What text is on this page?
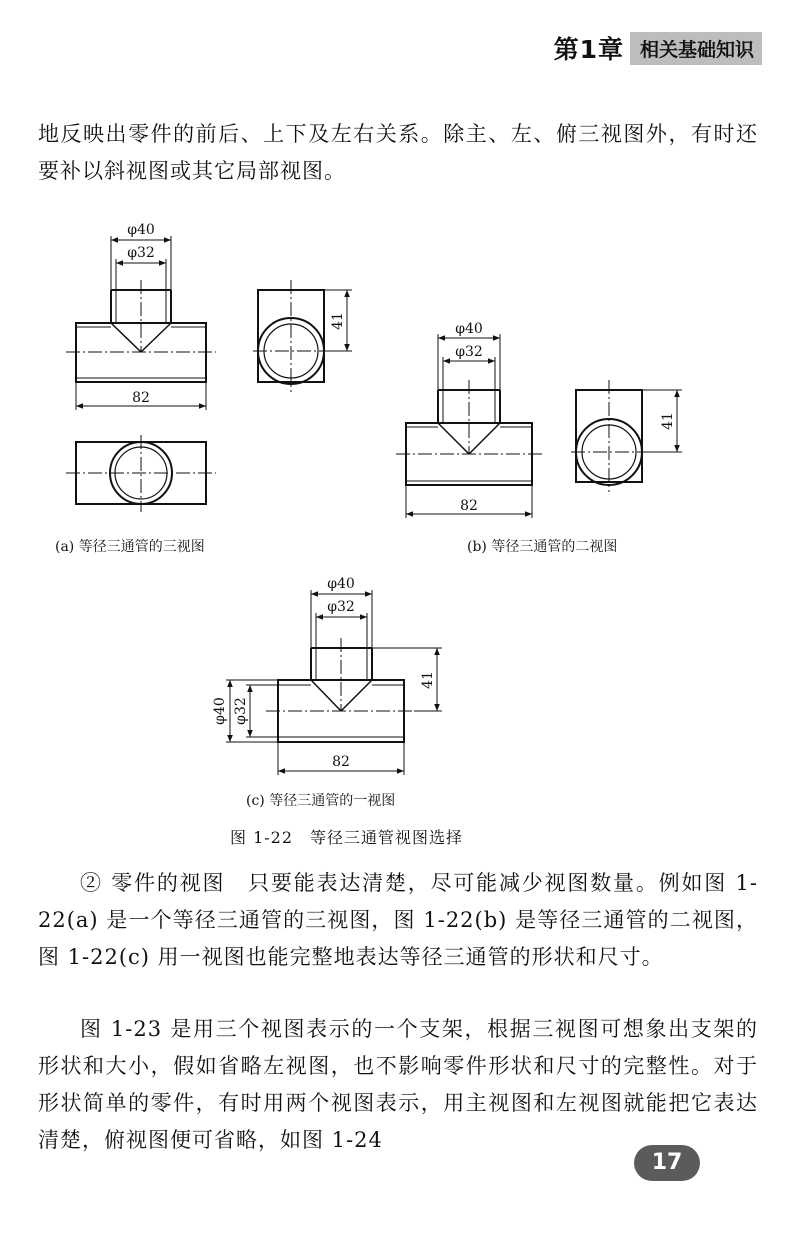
第1章 相关基础知识

地反映出零件的前后、上下及左右关系。除主、左、俯三视图外，有时还要补以斜视图或其它局部视图。

φ40
φ32
82
41	φ40
φ32
82
41
φ40
φ32
41
φ40 φ32
82
(a) 等径三通管的三视图	(b) 等径三通管的二视图
(c) 等径三通管的一视图
图 1-22　等径三通管视图选择

② 零件的视图　只要能表达清楚，尽可能减少视图数量。例如图 1-22(a) 是一个等径三通管的三视图，图 1-22(b) 是等径三通管的二视图，图 1-22(c) 用一视图也能完整地表达等径三通管的形状和尺寸。

图 1-23 是用三个视图表示的一个支架，根据三视图可想象出支架的形状和大小，假如省略左视图，也不影响零件形状和尺寸的完整性。对于形状简单的零件，有时用两个视图表示，用主视图和左视图就能把它表达清楚，俯视图便可省略，如图 1-24

17
